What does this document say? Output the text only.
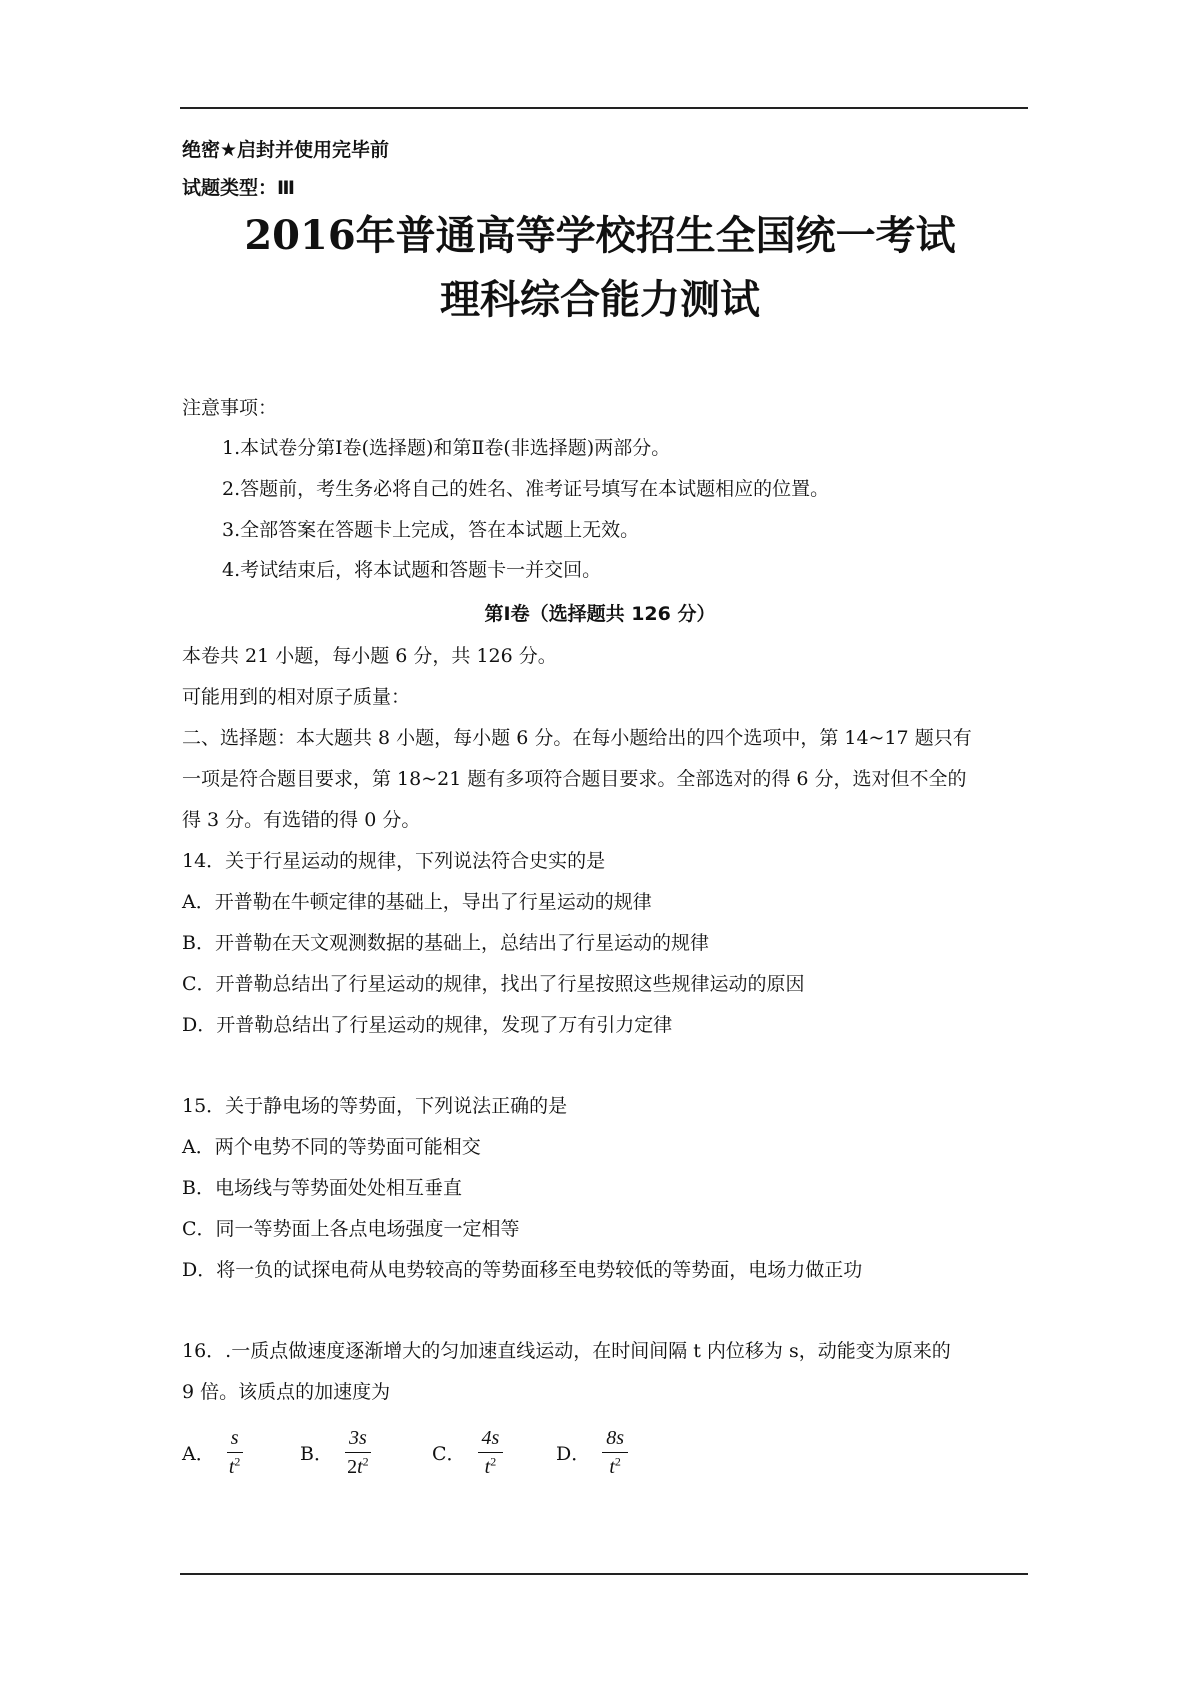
绝密★启封并使用完毕前
试题类型：Ⅲ
2016年普通高等学校招生全国统一考试
理科综合能力测试
注意事项：
1.本试卷分第Ⅰ卷(选择题)和第Ⅱ卷(非选择题)两部分。
2.答题前，考生务必将自己的姓名、准考证号填写在本试题相应的位置。
3.全部答案在答题卡上完成，答在本试题上无效。
4.考试结束后，将本试题和答题卡一并交回。
第Ⅰ卷（选择题共 126 分）
本卷共 21 小题，每小题 6 分，共 126 分。
可能用到的相对原子质量：
二、选择题：本大题共 8 小题，每小题 6 分。在每小题给出的四个选项中，第 14~17 题只有
一项是符合题目要求，第 18~21 题有多项符合题目要求。全部选对的得 6 分，选对但不全的
得 3 分。有选错的得 0 分。
14．关于行星运动的规律，下列说法符合史实的是
A．开普勒在牛顿定律的基础上，导出了行星运动的规律
B．开普勒在天文观测数据的基础上，总结出了行星运动的规律
C．开普勒总结出了行星运动的规律，找出了行星按照这些规律运动的原因
D．开普勒总结出了行星运动的规律，发现了万有引力定律
15．关于静电场的等势面，下列说法正确的是
A．两个电势不同的等势面可能相交
B．电场线与等势面处处相互垂直
C．同一等势面上各点电场强度一定相等
D．将一负的试探电荷从电势较高的等势面移至电势较低的等势面，电场力做正功
16．.一质点做速度逐渐增大的匀加速直线运动，在时间间隔 t 内位移为 s，动能变为原来的
9 倍。该质点的加速度为
A． $\frac{s}{t^2}$	B． $\frac{3s}{2t^2}$	C． $\frac{4s}{t^2}$	D． $\frac{8s}{t^2}$
